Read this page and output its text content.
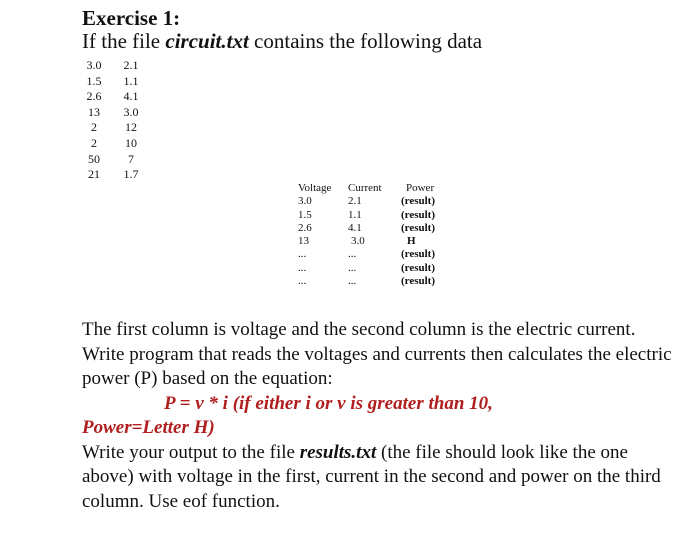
Exercise 1:
If the file circuit.txt contains the following data
3.0	2.1
1.5	1.1
2.6	4.1
13	3.0
2	12
2	10
50	7
21	1.7
Voltage	Current	Power
3.0	2.1	(result)
1.5	1.1	(result)
2.6	4.1	(result)
13	3.0	H
...	...	(result)
...	...	(result)
...	...	(result)

The first column is voltage and the second column is the electric current. Write program that reads the voltages and currents then calculates the electric power (P) based on the equation:

P = v * i (if either i or v is greater than 10,

Power=Letter H)

Write your output to the file results.txt (the file should look like the one above) with voltage in the first, current in the second and power on the third column. Use eof function.
